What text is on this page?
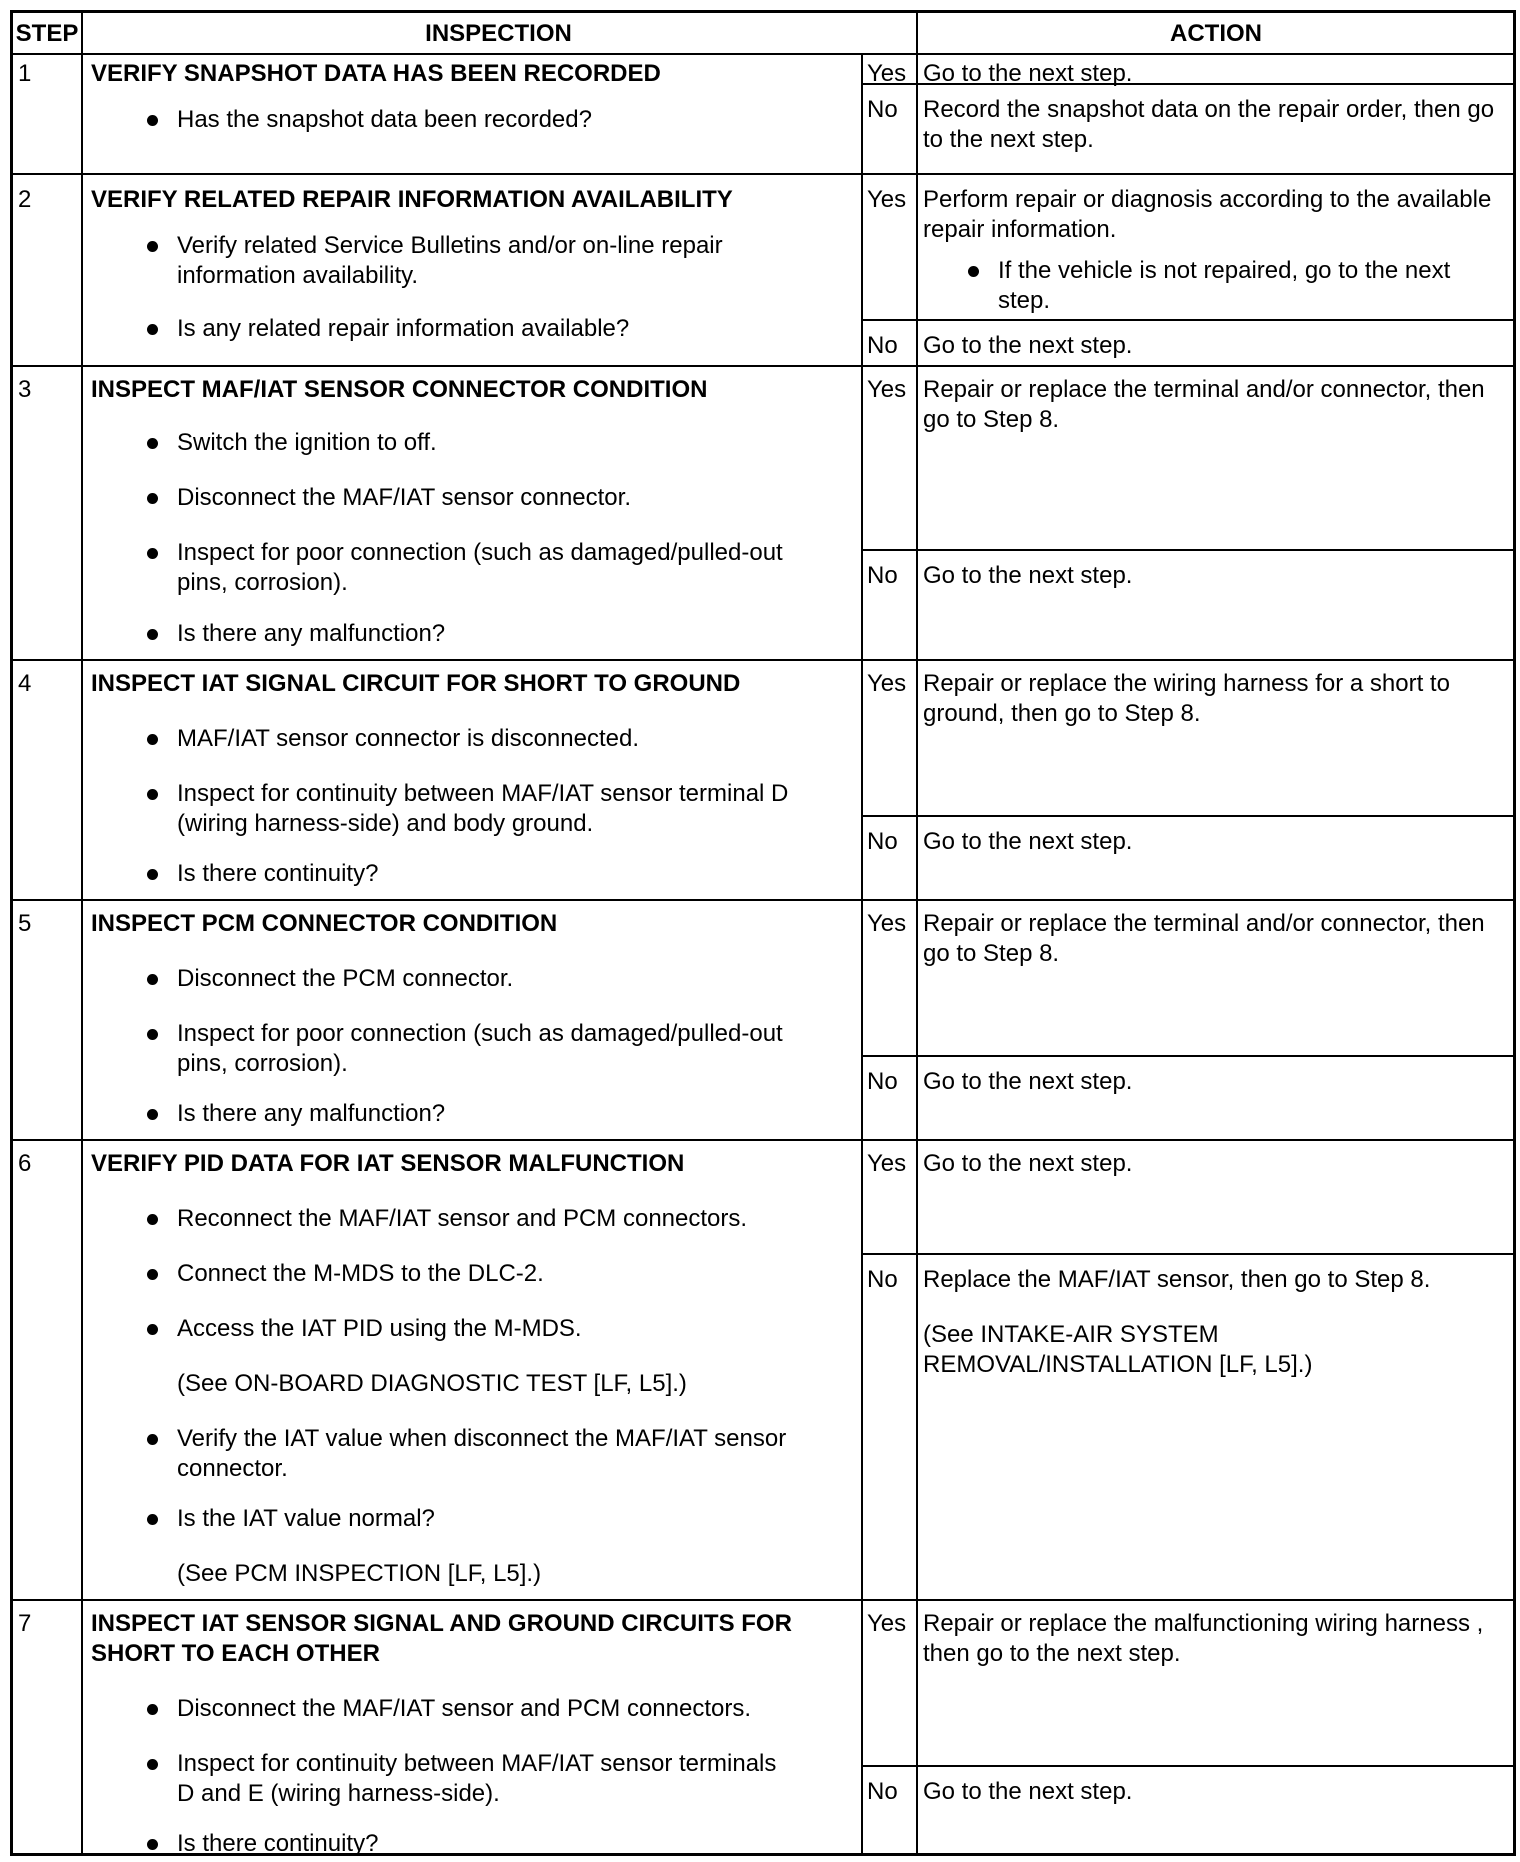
STEP	INSPECTION	ACTION
1 VERIFY SNAPSHOT DATA HAS BEEN RECORDED
Has the snapshot data been recorded?
Yes Go to the next step.
No Record the snapshot data on the repair order, then go
to the next step.
2 VERIFY RELATED REPAIR INFORMATION AVAILABILITY
Verify related Service Bulletins and/or on-line repair
information availability.
Is any related repair information available?
Yes Perform repair or diagnosis according to the available
repair information.
If the vehicle is not repaired, go to the next
step.
No Go to the next step.
3 INSPECT MAF/IAT SENSOR CONNECTOR CONDITION
Switch the ignition to off.
Disconnect the MAF/IAT sensor connector.
Inspect for poor connection (such as damaged/pulled-out
pins, corrosion).
Is there any malfunction?
Yes Repair or replace the terminal and/or connector, then
go to Step 8.
No Go to the next step.
4 INSPECT IAT SIGNAL CIRCUIT FOR SHORT TO GROUND
MAF/IAT sensor connector is disconnected.
Inspect for continuity between MAF/IAT sensor terminal D
(wiring harness-side) and body ground.
Is there continuity?
Yes Repair or replace the wiring harness for a short to
ground, then go to Step 8.
No Go to the next step.
5 INSPECT PCM CONNECTOR CONDITION
Disconnect the PCM connector.
Inspect for poor connection (such as damaged/pulled-out
pins, corrosion).
Is there any malfunction?
Yes Repair or replace the terminal and/or connector, then
go to Step 8.
No Go to the next step.
6 VERIFY PID DATA FOR IAT SENSOR MALFUNCTION
Reconnect the MAF/IAT sensor and PCM connectors.
Connect the M-MDS to the DLC-2.
Access the IAT PID using the M-MDS.
(See ON-BOARD DIAGNOSTIC TEST [LF, L5].)
Verify the IAT value when disconnect the MAF/IAT sensor
connector.
Is the IAT value normal?
(See PCM INSPECTION [LF, L5].)
Yes Go to the next step.
No Replace the MAF/IAT sensor, then go to Step 8.
(See INTAKE-AIR SYSTEM
REMOVAL/INSTALLATION [LF, L5].)
7 INSPECT IAT SENSOR SIGNAL AND GROUND CIRCUITS FOR
SHORT TO EACH OTHER
Disconnect the MAF/IAT sensor and PCM connectors.
Inspect for continuity between MAF/IAT sensor terminals
D and E (wiring harness-side).
Is there continuity?
Yes Repair or replace the malfunctioning wiring harness ,
then go to the next step.
No Go to the next step.
